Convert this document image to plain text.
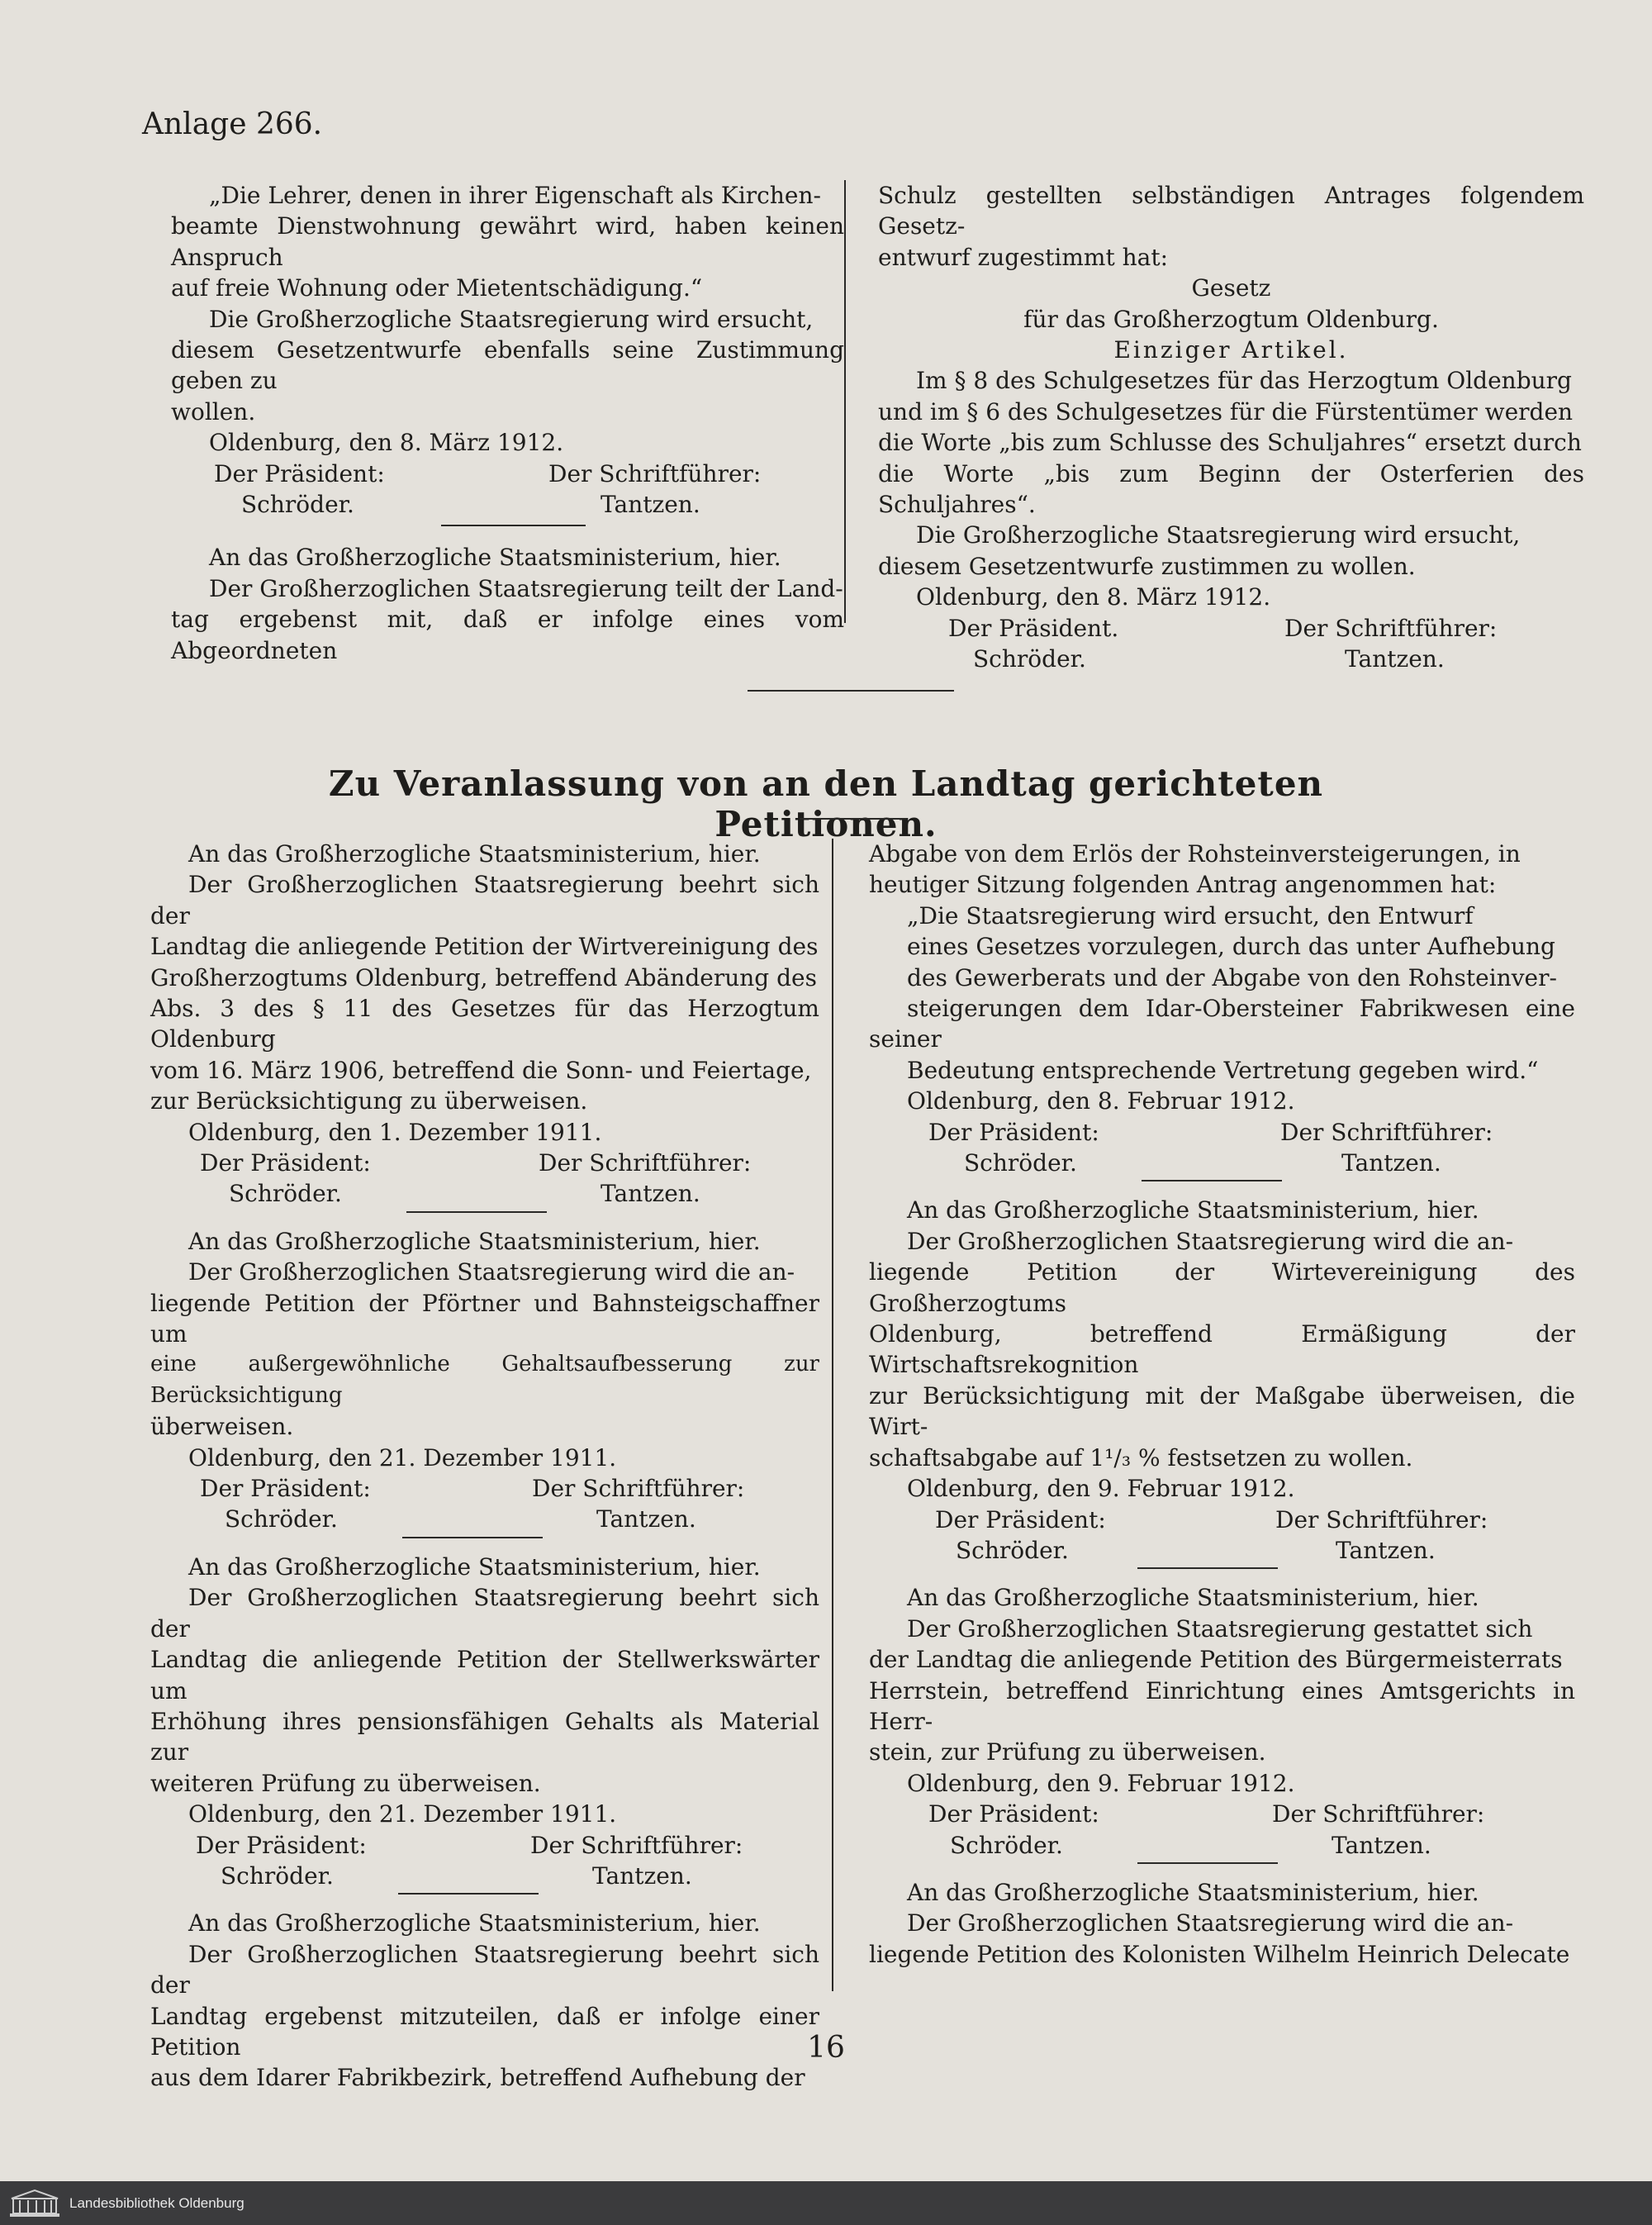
Anlage 266.

„Die Lehrer, denen in ihrer Eigenschaft als Kirchen-

beamte Dienstwohnung gewährt wird, haben keinen Anspruch

auf freie Wohnung oder Mietentschädigung.“

Die Großherzogliche Staatsregierung wird ersucht,

diesem Gesetzentwurfe ebenfalls seine Zustimmung geben zu

wollen.

Oldenburg, den 8. März 1912.

Der Präsident:	Der Schriftführer:
Schröder.	Tantzen.

An das Großherzogliche Staatsministerium, hier.

Der Großherzoglichen Staatsregierung teilt der Land-

tag ergebenst mit, daß er infolge eines vom Abgeordneten

Schulz gestellten selbständigen Antrages folgendem Gesetz-

entwurf zugestimmt hat:

Gesetz

für das Großherzogtum Oldenburg.

Einziger Artikel.

Im § 8 des Schulgesetzes für das Herzogtum Oldenburg

und im § 6 des Schulgesetzes für die Fürstentümer werden

die Worte „bis zum Schlusse des Schuljahres“ ersetzt durch

die Worte „bis zum Beginn der Osterferien des Schuljahres“.

Die Großherzogliche Staatsregierung wird ersucht,

diesem Gesetzentwurfe zustimmen zu wollen.

Oldenburg, den 8. März 1912.

Der Präsident.	Der Schriftführer:
Schröder.	Tantzen.
Zu Veranlassung von an den Landtag gerichteten Petitionen.

An das Großherzogliche Staatsministerium, hier.

Der Großherzoglichen Staatsregierung beehrt sich der

Landtag die anliegende Petition der Wirtvereinigung des

Großherzogtums Oldenburg, betreffend Abänderung des

Abs. 3 des § 11 des Gesetzes für das Herzogtum Oldenburg

vom 16. März 1906, betreffend die Sonn- und Feiertage,

zur Berücksichtigung zu überweisen.

Oldenburg, den 1. Dezember 1911.

Der Präsident:	Der Schriftführer:
Schröder.	Tantzen.

An das Großherzogliche Staatsministerium, hier.

Der Großherzoglichen Staatsregierung wird die an-

liegende Petition der Pförtner und Bahnsteigschaffner um

eine außergewöhnliche Gehaltsaufbesserung zur Berücksichtigung

überweisen.

Oldenburg, den 21. Dezember 1911.

Der Präsident:	Der Schriftführer:
Schröder.	Tantzen.

An das Großherzogliche Staatsministerium, hier.

Der Großherzoglichen Staatsregierung beehrt sich der

Landtag die anliegende Petition der Stellwerkswärter um

Erhöhung ihres pensionsfähigen Gehalts als Material zur

weiteren Prüfung zu überweisen.

Oldenburg, den 21. Dezember 1911.

Der Präsident:	Der Schriftführer:
Schröder.	Tantzen.

An das Großherzogliche Staatsministerium, hier.

Der Großherzoglichen Staatsregierung beehrt sich der

Landtag ergebenst mitzuteilen, daß er infolge einer Petition

aus dem Idarer Fabrikbezirk, betreffend Aufhebung der

Abgabe von dem Erlös der Rohsteinversteigerungen, in

heutiger Sitzung folgenden Antrag angenommen hat:

„Die Staatsregierung wird ersucht, den Entwurf

eines Gesetzes vorzulegen, durch das unter Aufhebung

des Gewerberats und der Abgabe von den Rohsteinver-

steigerungen dem Idar-Obersteiner Fabrikwesen eine seiner

Bedeutung entsprechende Vertretung gegeben wird.“

Oldenburg, den 8. Februar 1912.

Der Präsident:	Der Schriftführer:
Schröder.	Tantzen.

An das Großherzogliche Staatsministerium, hier.

Der Großherzoglichen Staatsregierung wird die an-

liegende Petition der Wirtevereinigung des Großherzogtums

Oldenburg, betreffend Ermäßigung der Wirtschaftsrekognition

zur Berücksichtigung mit der Maßgabe überweisen, die Wirt-

schaftsabgabe auf 1¹/₃ % festsetzen zu wollen.

Oldenburg, den 9. Februar 1912.

Der Präsident:	Der Schriftführer:
Schröder.	Tantzen.

An das Großherzogliche Staatsministerium, hier.

Der Großherzoglichen Staatsregierung gestattet sich

der Landtag die anliegende Petition des Bürgermeisterrats

Herrstein, betreffend Einrichtung eines Amtsgerichts in Herr-

stein, zur Prüfung zu überweisen.

Oldenburg, den 9. Februar 1912.

Der Präsident:	Der Schriftführer:
Schröder.	Tantzen.

An das Großherzogliche Staatsministerium, hier.

Der Großherzoglichen Staatsregierung wird die an-

liegende Petition des Kolonisten Wilhelm Heinrich Delecate

16
Landesbibliothek Oldenburg
